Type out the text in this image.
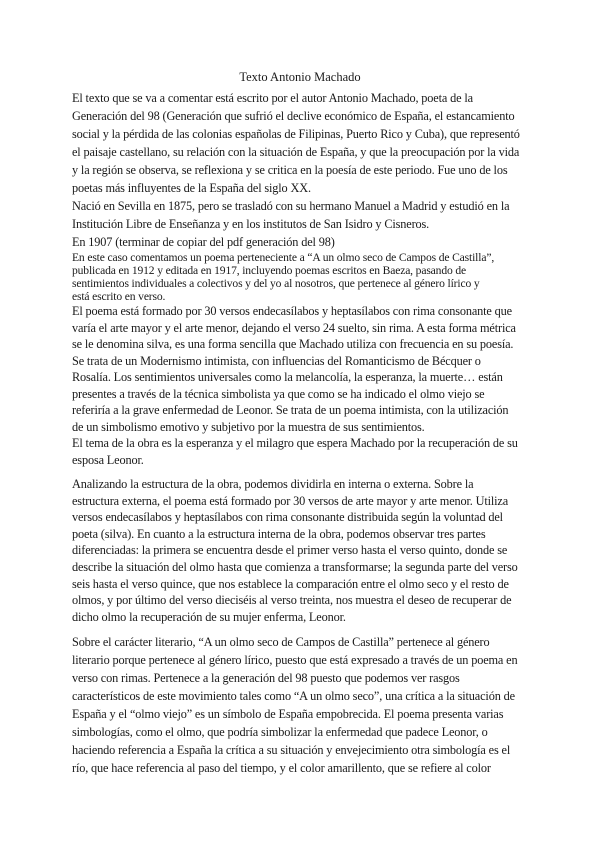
Texto Antonio Machado
El texto que se va a comentar está escrito por el autor Antonio Machado, poeta de la
Generación del 98 (Generación que sufrió el declive económico de España, el estancamiento
social y la pérdida de las colonias españolas de Filipinas, Puerto Rico y Cuba), que representó
el paisaje castellano, su relación con la situación de España, y que la preocupación por la vida
y la región se observa, se reflexiona y se critica en la poesía de este periodo. Fue uno de los
poetas más influyentes de la España del siglo XX.
Nació en Sevilla en 1875, pero se trasladó con su hermano Manuel a Madrid y estudió en la
Institución Libre de Enseñanza y en los institutos de San Isidro y Cisneros.
En 1907 (terminar de copiar del pdf generación del 98)
En este caso comentamos un poema perteneciente a “A un olmo seco de Campos de Castilla”,
publicada en 1912 y editada en 1917, incluyendo poemas escritos en Baeza, pasando de
sentimientos individuales a colectivos y del yo al nosotros, que pertenece al género lírico y
está escrito en verso.
El poema está formado por 30 versos endecasílabos y heptasílabos con rima consonante que
varía el arte mayor y el arte menor, dejando el verso 24 suelto, sin rima. A esta forma métrica
se le denomina silva, es una forma sencilla que Machado utiliza con frecuencia en su poesía.
Se trata de un Modernismo intimista, con influencias del Romanticismo de Bécquer o
Rosalía. Los sentimientos universales como la melancolía, la esperanza, la muerte… están
presentes a través de la técnica simbolista ya que como se ha indicado el olmo viejo se
referiría a la grave enfermedad de Leonor. Se trata de un poema intimista, con la utilización
de un simbolismo emotivo y subjetivo por la muestra de sus sentimientos.
El tema de la obra es la esperanza y el milagro que espera Machado por la recuperación de su
esposa Leonor.
Analizando la estructura de la obra, podemos dividirla en interna o externa. Sobre la
estructura externa, el poema está formado por 30 versos de arte mayor y arte menor. Utiliza
versos endecasílabos y heptasílabos con rima consonante distribuida según la voluntad del
poeta (silva). En cuanto a la estructura interna de la obra, podemos observar tres partes
diferenciadas: la primera se encuentra desde el primer verso hasta el verso quinto, donde se
describe la situación del olmo hasta que comienza a transformarse; la segunda parte del verso
seis hasta el verso quince, que nos establece la comparación entre el olmo seco y el resto de
olmos, y por último del verso dieciséis al verso treinta, nos muestra el deseo de recuperar de
dicho olmo la recuperación de su mujer enferma, Leonor.
Sobre el carácter literario, “A un olmo seco de Campos de Castilla” pertenece al género
literario porque pertenece al género lírico, puesto que está expresado a través de un poema en
verso con rimas. Pertenece a la generación del 98 puesto que podemos ver rasgos
característicos de este movimiento tales como “A un olmo seco”, una crítica a la situación de
España y el “olmo viejo” es un símbolo de España empobrecida. El poema presenta varias
simbologías, como el olmo, que podría simbolizar la enfermedad que padece Leonor, o
haciendo referencia a España la crítica a su situación y envejecimiento otra simbología es el
río, que hace referencia al paso del tiempo, y el color amarillento, que se refiere al color
